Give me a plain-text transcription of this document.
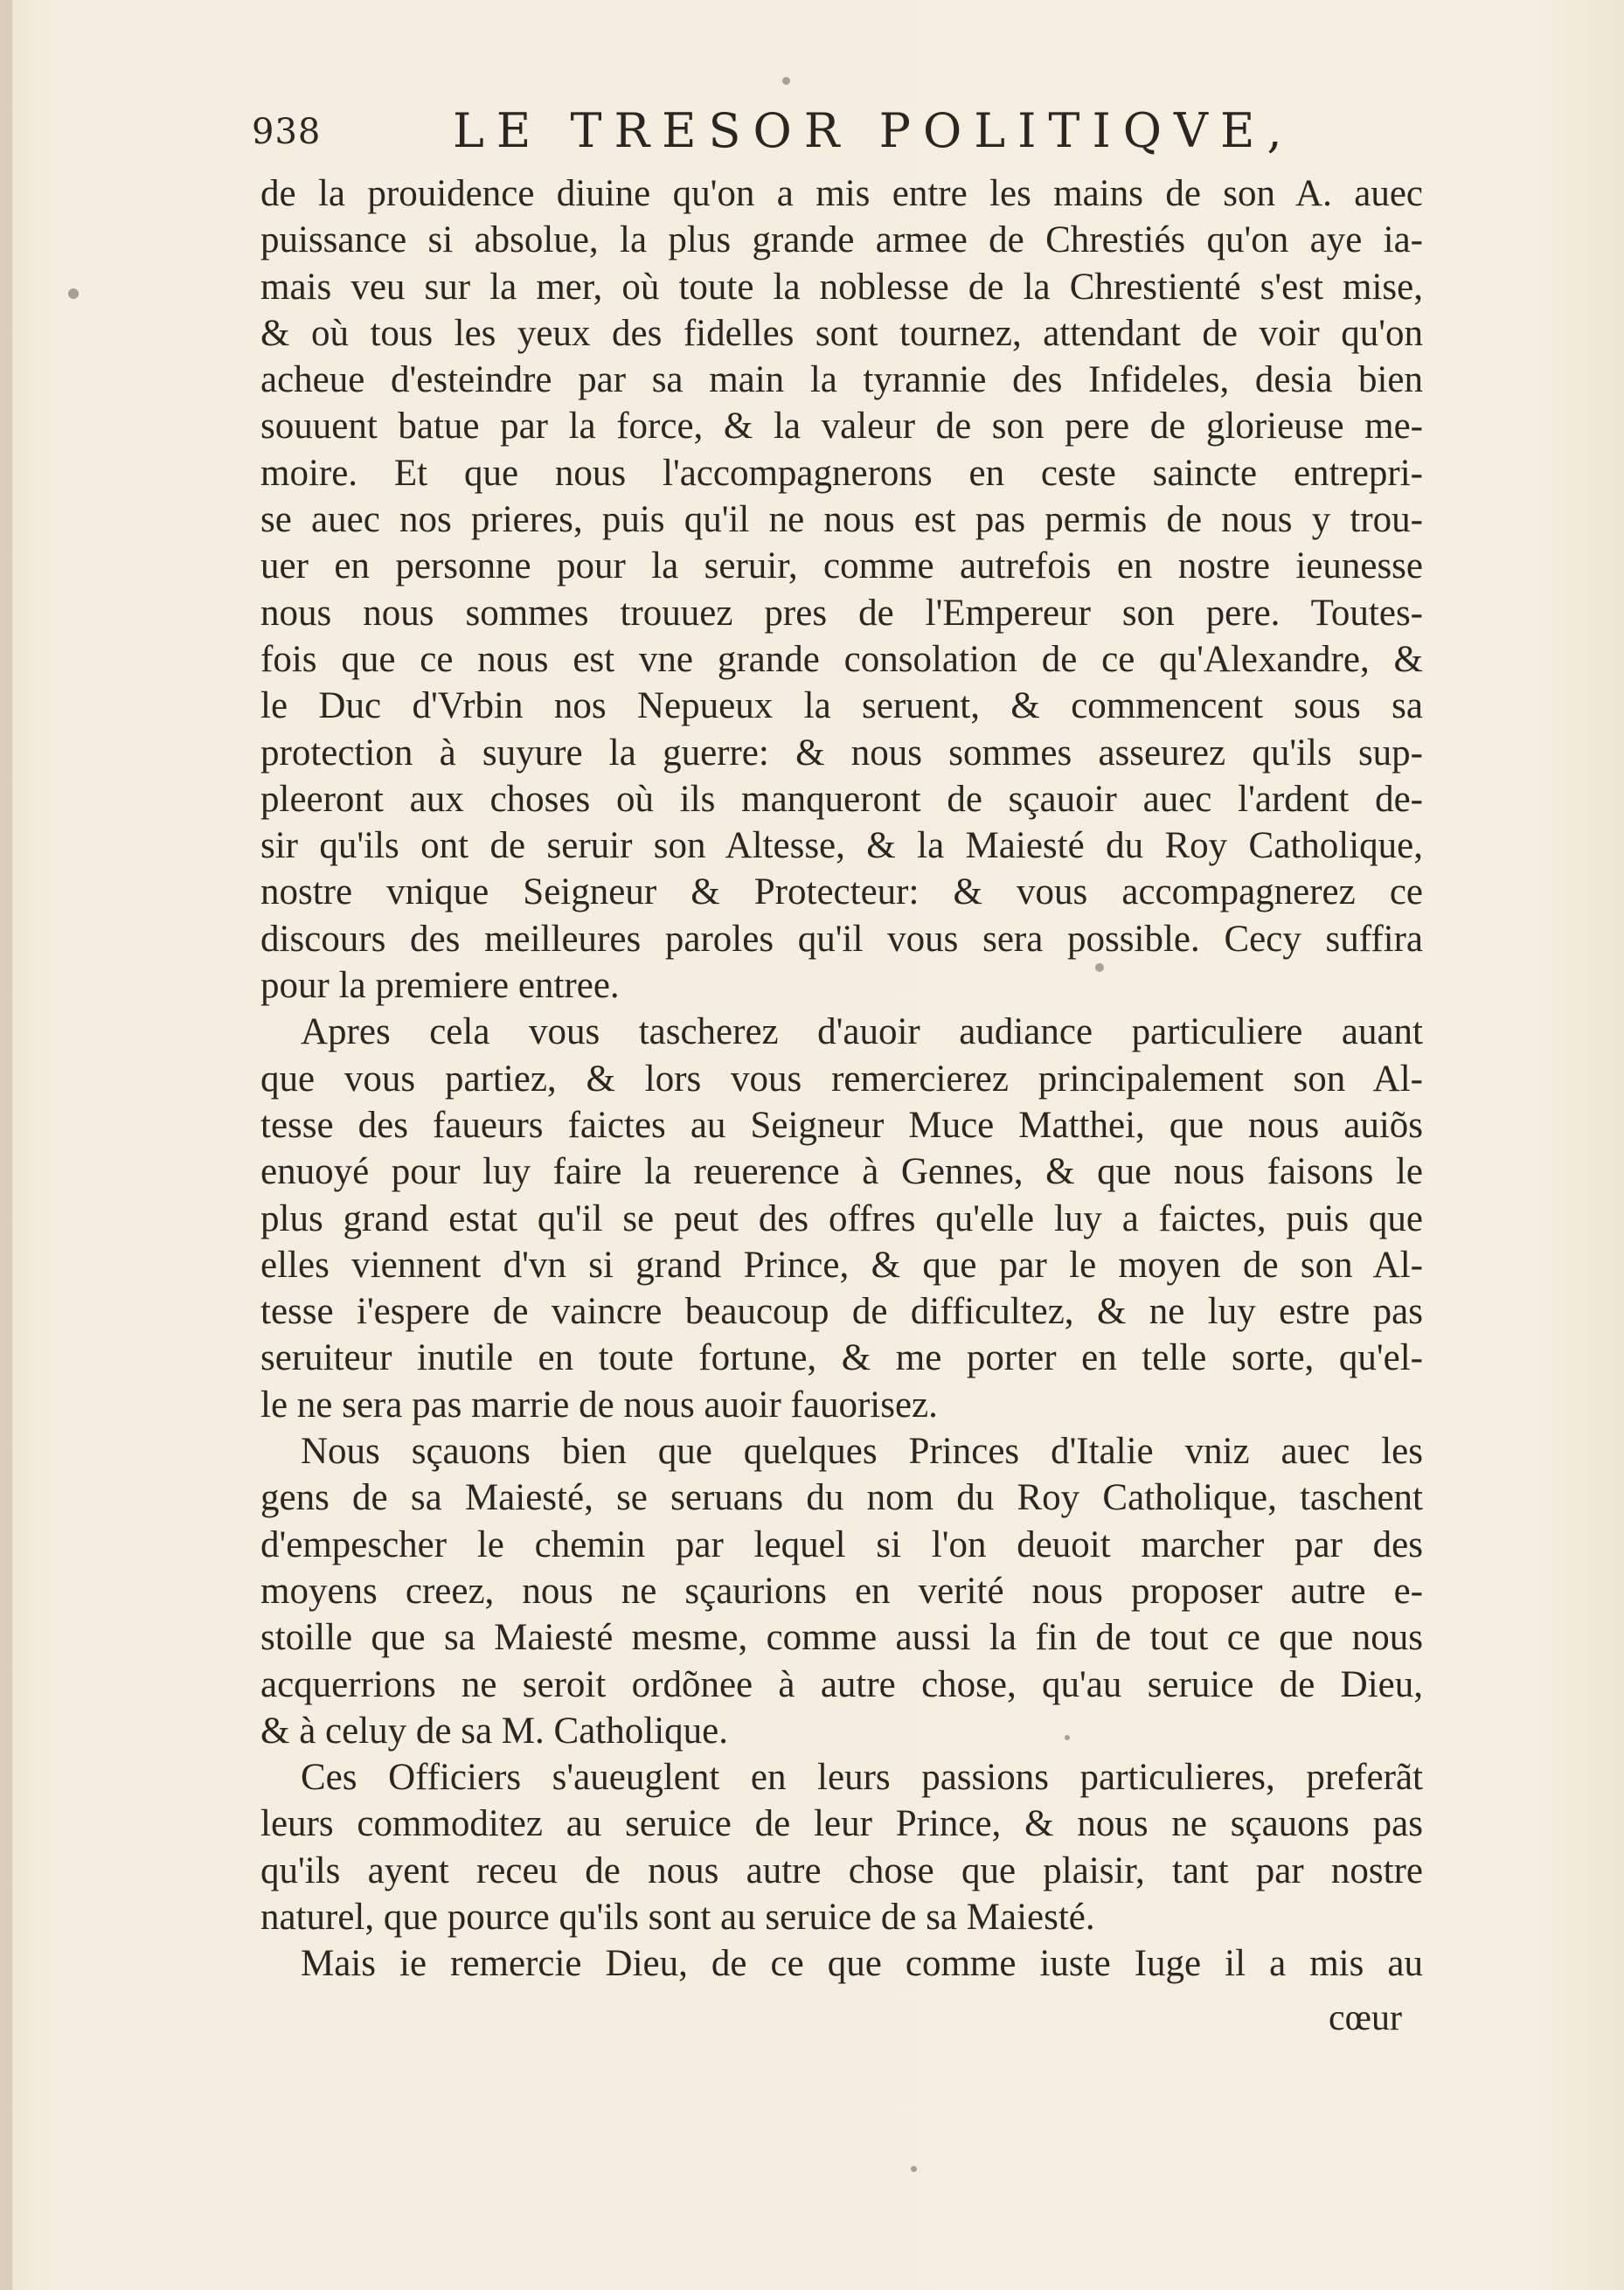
938	LE TRESOR POLITIQVE,
de la prouidence diuine qu'on a mis entre les mains de son A. auec
puissance si absolue, la plus grande armee de Chrestiés qu'on aye ia-
mais veu sur la mer, où toute la noblesse de la Chrestienté s'est mise,
& où tous les yeux des fidelles sont tournez, attendant de voir qu'on
acheue d'esteindre par sa main la tyrannie des Infideles, desia bien
souuent batue par la force, & la valeur de son pere de glorieuse me-
moire. Et que nous l'accompagnerons en ceste saincte entrepri-
se auec nos prieres, puis qu'il ne nous est pas permis de nous y trou-
uer en personne pour la seruir, comme autrefois en nostre ieunesse
nous nous sommes trouuez pres de l'Empereur son pere. Toutes-
fois que ce nous est vne grande consolation de ce qu'Alexandre, &
le Duc d'Vrbin nos Nepueux la seruent, & commencent sous sa
protection à suyure la guerre: & nous sommes asseurez qu'ils sup-
pleeront aux choses où ils manqueront de sçauoir auec l'ardent de-
sir qu'ils ont de seruir son Altesse, & la Maiesté du Roy Catholique,
nostre vnique Seigneur & Protecteur: & vous accompagnerez ce
discours des meilleures paroles qu'il vous sera possible. Cecy suffira
pour la premiere entree.
Apres cela vous tascherez d'auoir audiance particuliere auant
que vous partiez, & lors vous remercierez principalement son Al-
tesse des faueurs faictes au Seigneur Muce Matthei, que nous auiõs
enuoyé pour luy faire la reuerence à Gennes, & que nous faisons le
plus grand estat qu'il se peut des offres qu'elle luy a faictes, puis que
elles viennent d'vn si grand Prince, & que par le moyen de son Al-
tesse i'espere de vaincre beaucoup de difficultez, & ne luy estre pas
seruiteur inutile en toute fortune, & me porter en telle sorte, qu'el-
le ne sera pas marrie de nous auoir fauorisez.
Nous sçauons bien que quelques Princes d'Italie vniz auec les
gens de sa Maiesté, se seruans du nom du Roy Catholique, taschent
d'empescher le chemin par lequel si l'on deuoit marcher par des
moyens creez, nous ne sçaurions en verité nous proposer autre e-
stoille que sa Maiesté mesme, comme aussi la fin de tout ce que nous
acquerrions ne seroit ordõnee à autre chose, qu'au seruice de Dieu,
& à celuy de sa M. Catholique.
Ces Officiers s'aueuglent en leurs passions particulieres, preferãt
leurs commoditez au seruice de leur Prince, & nous ne sçauons pas
qu'ils ayent receu de nous autre chose que plaisir, tant par nostre
naturel, que pource qu'ils sont au seruice de sa Maiesté.
Mais ie remercie Dieu, de ce que comme iuste Iuge il a mis au
cœur
